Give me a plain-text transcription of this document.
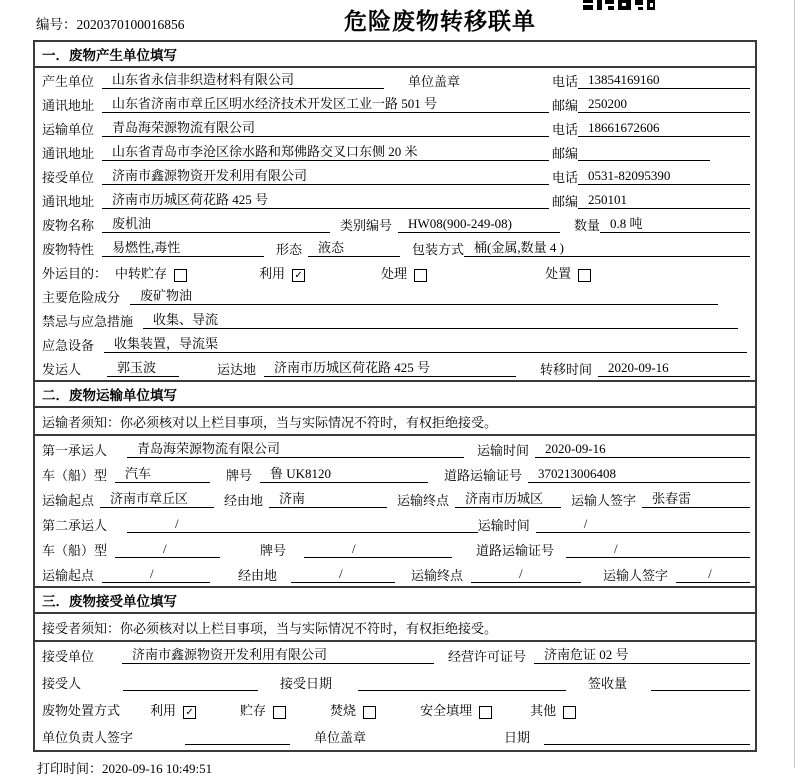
编号：2020370100016856	危险废物转移联单
一．废物产生单位填写
产生单位	山东省永信非织造材料有限公司	单位盖章	电话 13854169160
通讯地址	山东省济南市章丘区明水经济技术开发区工业一路 501 号	邮编 250200
运输单位	青岛海荣源物流有限公司	电话 18661672606
通讯地址	山东省青岛市李沧区徐水路和郑佛路交叉口东侧 20 米	邮编
接受单位	济南市鑫源物资开发利用有限公司	电话 0531-82095390
通讯地址	济南市历城区荷花路 425 号	邮编 250101
废物名称	废机油	类别编号	HW08(900-249-08)	数量 0.8 吨
废物特性	易燃性,毒性	形态	液态	包装方式 桶(金属,数量 4 )
外运目的： 中转贮存	利用 ✓	处理	处置
主要危险成分	废矿物油
禁忌与应急措施	收集、导流
应急设备	收集装置，导流渠
发运人	郭玉波	运达地	济南市历城区荷花路 425 号	转移时间	2020-09-16
二．废物运输单位填写
运输者须知：你必须核对以上栏目事项，当与实际情况不符时，有权拒绝接受。
第一承运人	青岛海荣源物流有限公司	运输时间	2020-09-16
车（船）型	汽车	牌号	鲁 UK8120	道路运输证号	370213006408
运输起点	济南市章丘区	经由地	济南	运输终点	济南市历城区	运输人签字	张春雷
第二承运人	/	运输时间	/
车（船）型	/	牌号	/	道路运输证号	/
运输起点	/	经由地	/	运输终点	/	运输人签字	/
三．废物接受单位填写
接受者须知：你必须核对以上栏目事项，当与实际情况不符时，有权拒绝接受。
接受单位	济南市鑫源物资开发利用有限公司	经营许可证号	济南危证 02 号
接受人	接受日期	签收量
废物处置方式 利用 ✓	贮存	焚烧	安全填埋	其他
单位负责人签字	单位盖章	日期
打印时间：2020-09-16 10:49:51
